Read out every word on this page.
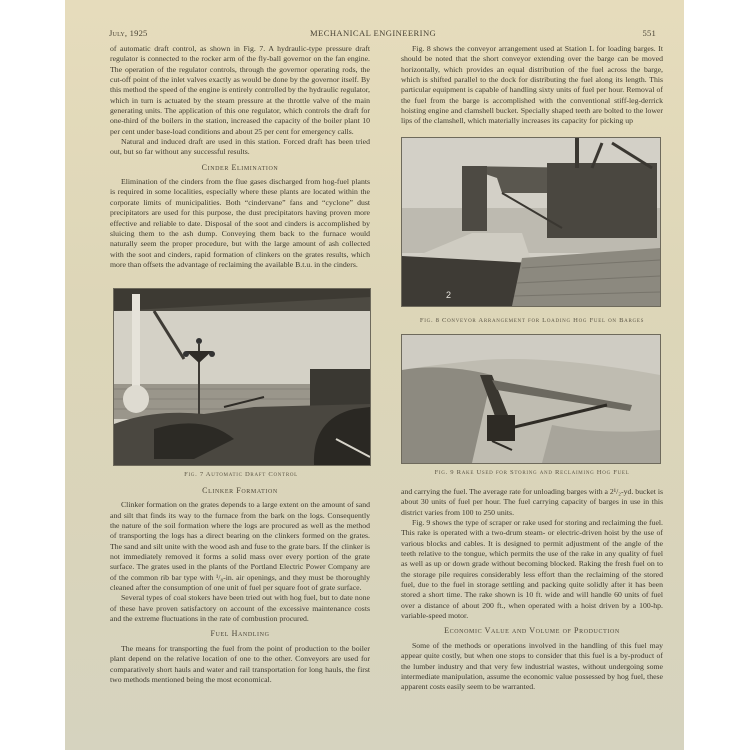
July, 1925	MECHANICAL ENGINEERING	551

of automatic draft control, as shown in Fig. 7. A hydraulic-type pressure draft regulator is connected to the rocker arm of the fly-ball governor on the fan engine. The operation of the regulator controls, through the governor operating rods, the cut-off point of the inlet valves exactly as would be done by the governor itself. By this method the speed of the engine is entirely controlled by the hydraulic regulator, which in turn is actuated by the steam pressure at the throttle valve of the main generating units. The application of this one regulator, which controls the draft for one-third of the boilers in the station, increased the capacity of the boiler plant 10 per cent under base-load conditions and about 25 per cent for emergency calls.

Natural and induced draft are used in this station. Forced draft has been tried out, but so far without any successful results.

Cinder Elimination

Elimination of the cinders from the flue gases discharged from hog-fuel plants is required in some localities, especially where these plants are located within the corporate limits of municipalities. Both “cindervane” fans and “cyclone” dust precipitators are used for this purpose, the dust precipitators having proven more effective and reliable to date. Disposal of the soot and cinders is accomplished by sluicing them to the ash dump. Conveying them back to the furnace would naturally seem the proper procedure, but with the large amount of ash collected with the soot and cinders, rapid formation of clinkers on the grates results, which more than offsets the advantage of reclaiming the available B.t.u. in the cinders.

Fig. 7 Automatic Draft Control
Clinker Formation

Clinker formation on the grates depends to a large extent on the amount of sand and silt that finds its way to the furnace from the bark on the logs. Consequently the nature of the soil formation where the logs are procured as well as the method of transporting the logs has a direct bearing on the clinkers formed on the grates. The sand and silt unite with the wood ash and fuse to the grate bars. If the clinker is not immediately removed it forms a solid mass over every portion of the grate surface. The grates used in the plants of the Portland Electric Power Company are of the common rib bar type with ¹/₈-in. air openings, and they must be thoroughly cleaned after the consumption of one unit of fuel per square foot of grate surface.

Several types of coal stokers have been tried out with hog fuel, but to date none of these have proven satisfactory on account of the excessive maintenance costs and the extreme fluctuations in the rate of combustion procured.

Fuel Handling

The means for transporting the fuel from the point of production to the boiler plant depend on the relative location of one to the other. Conveyors are used for comparatively short hauls and water and rail transportation for long hauls, the first two methods mentioned being the most economical.

Fig. 8 shows the conveyor arrangement used at Station L for loading barges. It should be noted that the short conveyor extending over the barge can be moved horizontally, which provides an equal distribution of the fuel across the barge, which is shifted parallel to the dock for distributing the fuel along its length. This particular equipment is capable of handling sixty units of fuel per hour. Removal of the fuel from the barge is accomplished with the conventional stiff-leg-derrick hoisting engine and clamshell bucket. Specially shaped teeth are bolted to the lower lips of the clamshell, which materially increases its capacity for picking up

2
Fig. 8 Conveyor Arrangement for Loading Hog Fuel on Barges
Fig. 9 Rake Used for Storing and Reclaiming Hog Fuel

and carrying the fuel. The average rate for unloading barges with a 2¹/₂-yd. bucket is about 30 units of fuel per hour. The fuel carrying capacity of barges in use in this district varies from 100 to 250 units.

Fig. 9 shows the type of scraper or rake used for storing and reclaiming the fuel. This rake is operated with a two-drum steam- or electric-driven hoist by the use of various blocks and cables. It is designed to permit adjustment of the angle of the teeth relative to the tongue, which permits the use of the rake in any quality of fuel as well as up or down grade without becoming blocked. Raking the fresh fuel on to the storage pile requires considerably less effort than the reclaiming of the stored fuel, due to the fuel in storage settling and packing quite solidly after it has been stored a short time. The rake shown is 10 ft. wide and will handle 60 units of fuel over a distance of about 200 ft., when operated with a hoist driven by a 100-hp. variable-speed motor.

Economic Value and Volume of Production

Some of the methods or operations involved in the handling of this fuel may appear quite costly, but when one stops to consider that this fuel is a by-product of the lumber industry and that very few industrial wastes, without undergoing some intermediate manipulation, assume the economic value possessed by hog fuel, these apparent costs easily seem to be warranted.
